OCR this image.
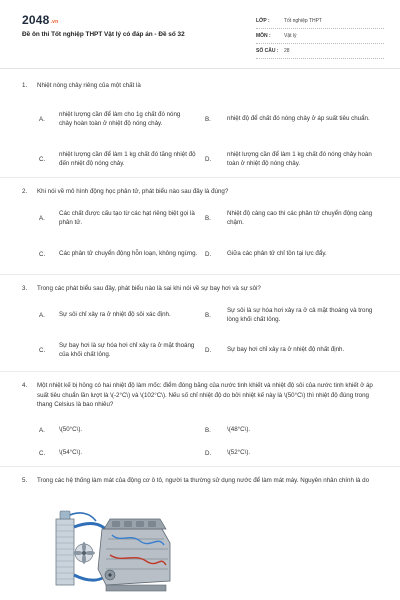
2048.vn
Đề ôn thi Tốt nghiệp THPT Vật lý có đáp án - Đề số 32
LỚP :	Tốt nghiệp THPT
MÔN :	Vật lý
SỐ CÂU :	28
1.	Nhiệt nóng chảy riêng của một chất là
A.
nhiệt lượng cần để làm cho 1g chất đó nóng chảy hoàn toàn ở nhiệt độ nóng chảy.
B.	nhiệt độ để chất đó nóng chảy ở áp suất tiêu chuẩn.
C.
nhiệt lượng cần để làm 1 kg chất đó tăng nhiệt độ đến nhiệt độ nóng chảy.
D.
nhiệt lượng cần để làm 1 kg chất đó nóng chảy hoàn toàn ở nhiệt độ nóng chảy.
2.	Khi nói về mô hình động học phân tử, phát biểu nào sau đây là đúng?
A.
Các chất được cấu tạo từ các hạt riêng biệt gọi là phân tử.
B.
Nhiệt độ càng cao thì các phân tử chuyển động càng chậm.
C. Các phân tử chuyển động hỗn loạn, không ngừng.	D.	Giữa các phân tử chỉ tồn tại lực đẩy.
3.	Trong các phát biểu sau đây, phát biểu nào là sai khi nói về sự bay hơi và sự sôi?
A. Sự sôi chỉ xảy ra ở nhiệt độ sôi xác định.	B.
Sự sôi là sự hóa hơi xảy ra ở cả mặt thoáng và trong lòng khối chất lỏng.
C.
Sự bay hơi là sự hóa hơi chỉ xảy ra ở mặt thoáng của khối chất lỏng.
D.	Sự bay hơi chỉ xảy ra ở nhiệt độ nhất định.
4.	Một nhiệt kế bị hỏng có hai nhiệt độ làm mốc: điểm đóng băng của nước tinh khiết và nhiệt độ sôi của nước tinh khiết ở áp suất tiêu chuẩn lần lượt là \(-2°C\) và \(102°C\). Nếu số chỉ nhiệt độ do bởi nhiệt kế này là \(50°C\) thì nhiệt độ đúng trong thang Celsius là bao nhiêu?
A. \(50°C\).	B.	\(48°C\).
C. \(54°C\).	D.	\(52°C\).
5.	Trong các hệ thống làm mát của động cơ ô tô, người ta thường sử dụng nước để làm mát máy. Nguyên nhân chính là do
